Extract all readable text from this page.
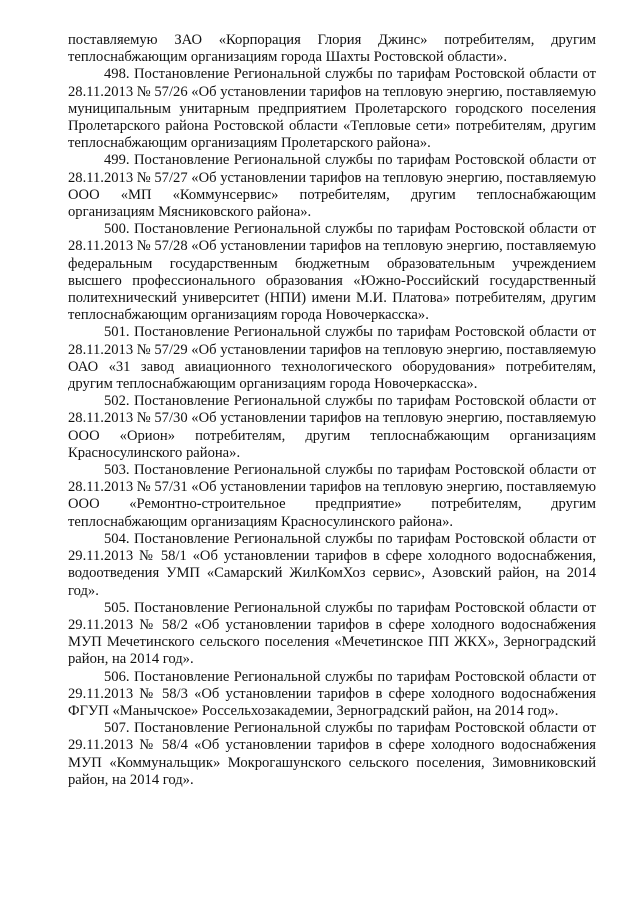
поставляемую ЗАО «Корпорация Глория Джинс» потребителям, другим теплоснабжающим организациям города Шахты Ростовской области».

498. Постановление Региональной службы по тарифам Ростовской области от 28.11.2013 № 57/26 «Об установлении тарифов на тепловую энергию, поставляемую муниципальным унитарным предприятием Пролетарского городского поселения Пролетарского района Ростовской области «Тепловые сети» потребителям, другим теплоснабжающим организациям Пролетарского района».

499. Постановление Региональной службы по тарифам Ростовской области от 28.11.2013 № 57/27 «Об установлении тарифов на тепловую энергию, поставляемую ООО «МП «Коммунсервис» потребителям, другим теплоснабжающим организациям Мясниковского района».

500. Постановление Региональной службы по тарифам Ростовской области от 28.11.2013 № 57/28 «Об установлении тарифов на тепловую энергию, поставляемую федеральным государственным бюджетным образовательным учреждением высшего профессионального образования «Южно-Российский государственный политехнический университет (НПИ) имени М.И. Платова» потребителям, другим теплоснабжающим организациям города Новочеркасска».

501. Постановление Региональной службы по тарифам Ростовской области от 28.11.2013 № 57/29 «Об установлении тарифов на тепловую энергию, поставляемую ОАО «31 завод авиационного технологического оборудования» потребителям, другим теплоснабжающим организациям города Новочеркасска».

502. Постановление Региональной службы по тарифам Ростовской области от 28.11.2013 № 57/30 «Об установлении тарифов на тепловую энергию, поставляемую ООО «Орион» потребителям, другим теплоснабжающим организациям Красносулинского района».

503. Постановление Региональной службы по тарифам Ростовской области от 28.11.2013 № 57/31 «Об установлении тарифов на тепловую энергию, поставляемую ООО «Ремонтно-строительное предприятие» потребителям, другим теплоснабжающим организациям Красносулинского района».

504. Постановление Региональной службы по тарифам Ростовской области от 29.11.2013 № 58/1 «Об установлении тарифов в сфере холодного водоснабжения, водоотведения УМП «Самарский ЖилКомХоз сервис», Азовский район, на 2014 год».

505. Постановление Региональной службы по тарифам Ростовской области от 29.11.2013 № 58/2 «Об установлении тарифов в сфере холодного водоснабжения МУП Мечетинского сельского поселения «Мечетинское ПП ЖКХ», Зерноградский район, на 2014 год».

506. Постановление Региональной службы по тарифам Ростовской области от 29.11.2013 № 58/3 «Об установлении тарифов в сфере холодного водоснабжения ФГУП «Манычское» Россельхозакадемии, Зерноградский район, на 2014 год».

507. Постановление Региональной службы по тарифам Ростовской области от 29.11.2013 № 58/4 «Об установлении тарифов в сфере холодного водоснабжения МУП «Коммунальщик» Мокрогашунского сельского поселения, Зимовниковский район, на 2014 год».
